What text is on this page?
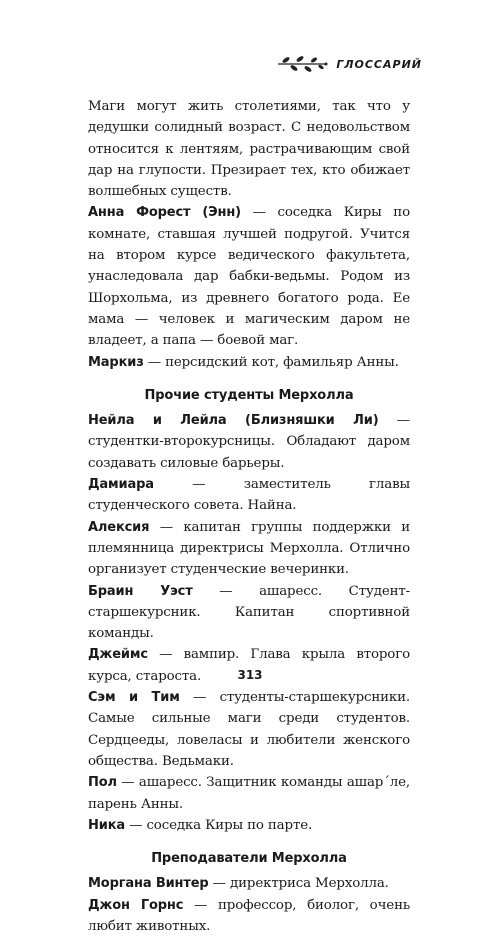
ГЛОССАРИЙ

Маги могут жить столетиями, так что у дедушки солидный возраст. С недовольством относится к лентяям, растрачивающим свой дар на глупости. Презирает тех, кто обижает волшебных существ.

Анна Форест (Энн) — соседка Киры по комнате, ставшая лучшей подругой. Учится на втором курсе ведического факультета, унаследовала дар бабки-ведьмы. Родом из Шорхольма, из древнего богатого рода. Ее мама — человек и магическим даром не владеет, а папа — боевой маг.

Маркиз — персидский кот, фамильяр Анны.

Прочие студенты Мерхолла

Нейла и Лейла (Близняшки Ли) — студентки-второкурсницы. Обладают даром создавать силовые барьеры.

Дамиара — заместитель главы студенческого совета. Найна.

Алексия — капитан группы поддержки и племянница директрисы Мерхолла. Отлично организует студенческие вечеринки.

Браин Уэст — ашаресс. Студент-старшекурсник. Капитан спортивной команды.

Джеймс — вампир. Глава крыла второго курса, староста.

Сэм и Тим — студенты-старшекурсники. Самые сильные маги среди студентов. Сердцееды, ловеласы и любители женского общества. Ведьмаки.

Пол — ашаресс. Защитник команды ашар´ле, парень Анны.

Ника — соседка Киры по парте.

Преподаватели Мерхолла

Моргана Винтер — директриса Мерхолла.

Джон Горнс — профессор, биолог, очень любит животных.

313
